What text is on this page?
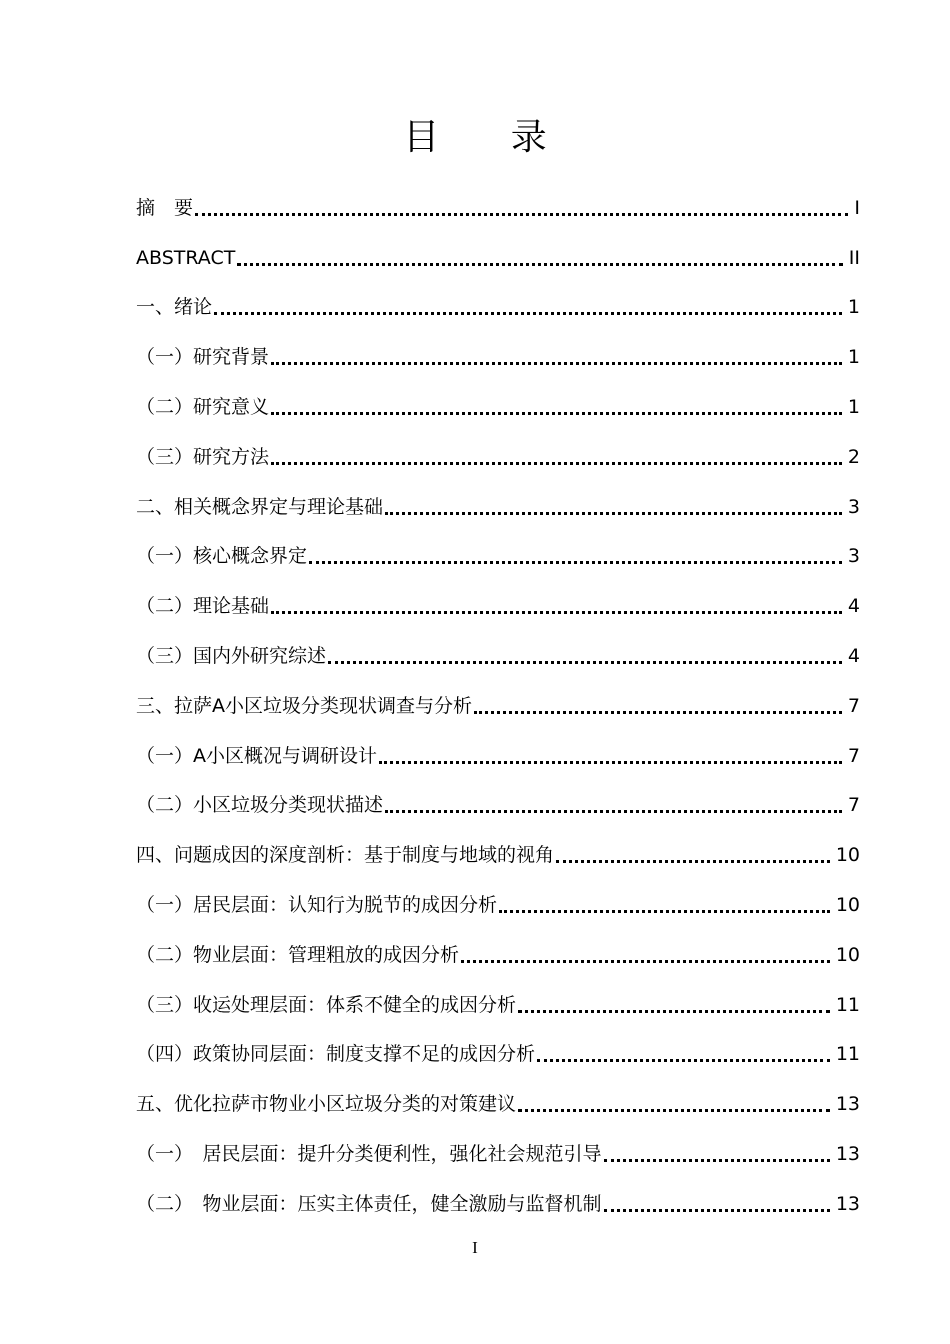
目 录
摘　要	I
ABSTRACT	II
一、绪论	1
（一）研究背景	1
（二）研究意义	1
（三）研究方法	2
二、相关概念界定与理论基础	3
（一）核心概念界定	3
（二）理论基础	4
（三）国内外研究综述	4
三、拉萨A小区垃圾分类现状调查与分析	7
（一）A小区概况与调研设计	7
（二）小区垃圾分类现状描述	7
四、问题成因的深度剖析：基于制度与地域的视角	10
（一）居民层面：认知行为脱节的成因分析	10
（二）物业层面：管理粗放的成因分析	10
（三）收运处理层面：体系不健全的成因分析	11
（四）政策协同层面：制度支撑不足的成因分析	11
五、优化拉萨市物业小区垃圾分类的对策建议	13
（一）　居民层面：提升分类便利性，强化社会规范引导	13
（二）　物业层面：压实主体责任，健全激励与监督机制	13
I
